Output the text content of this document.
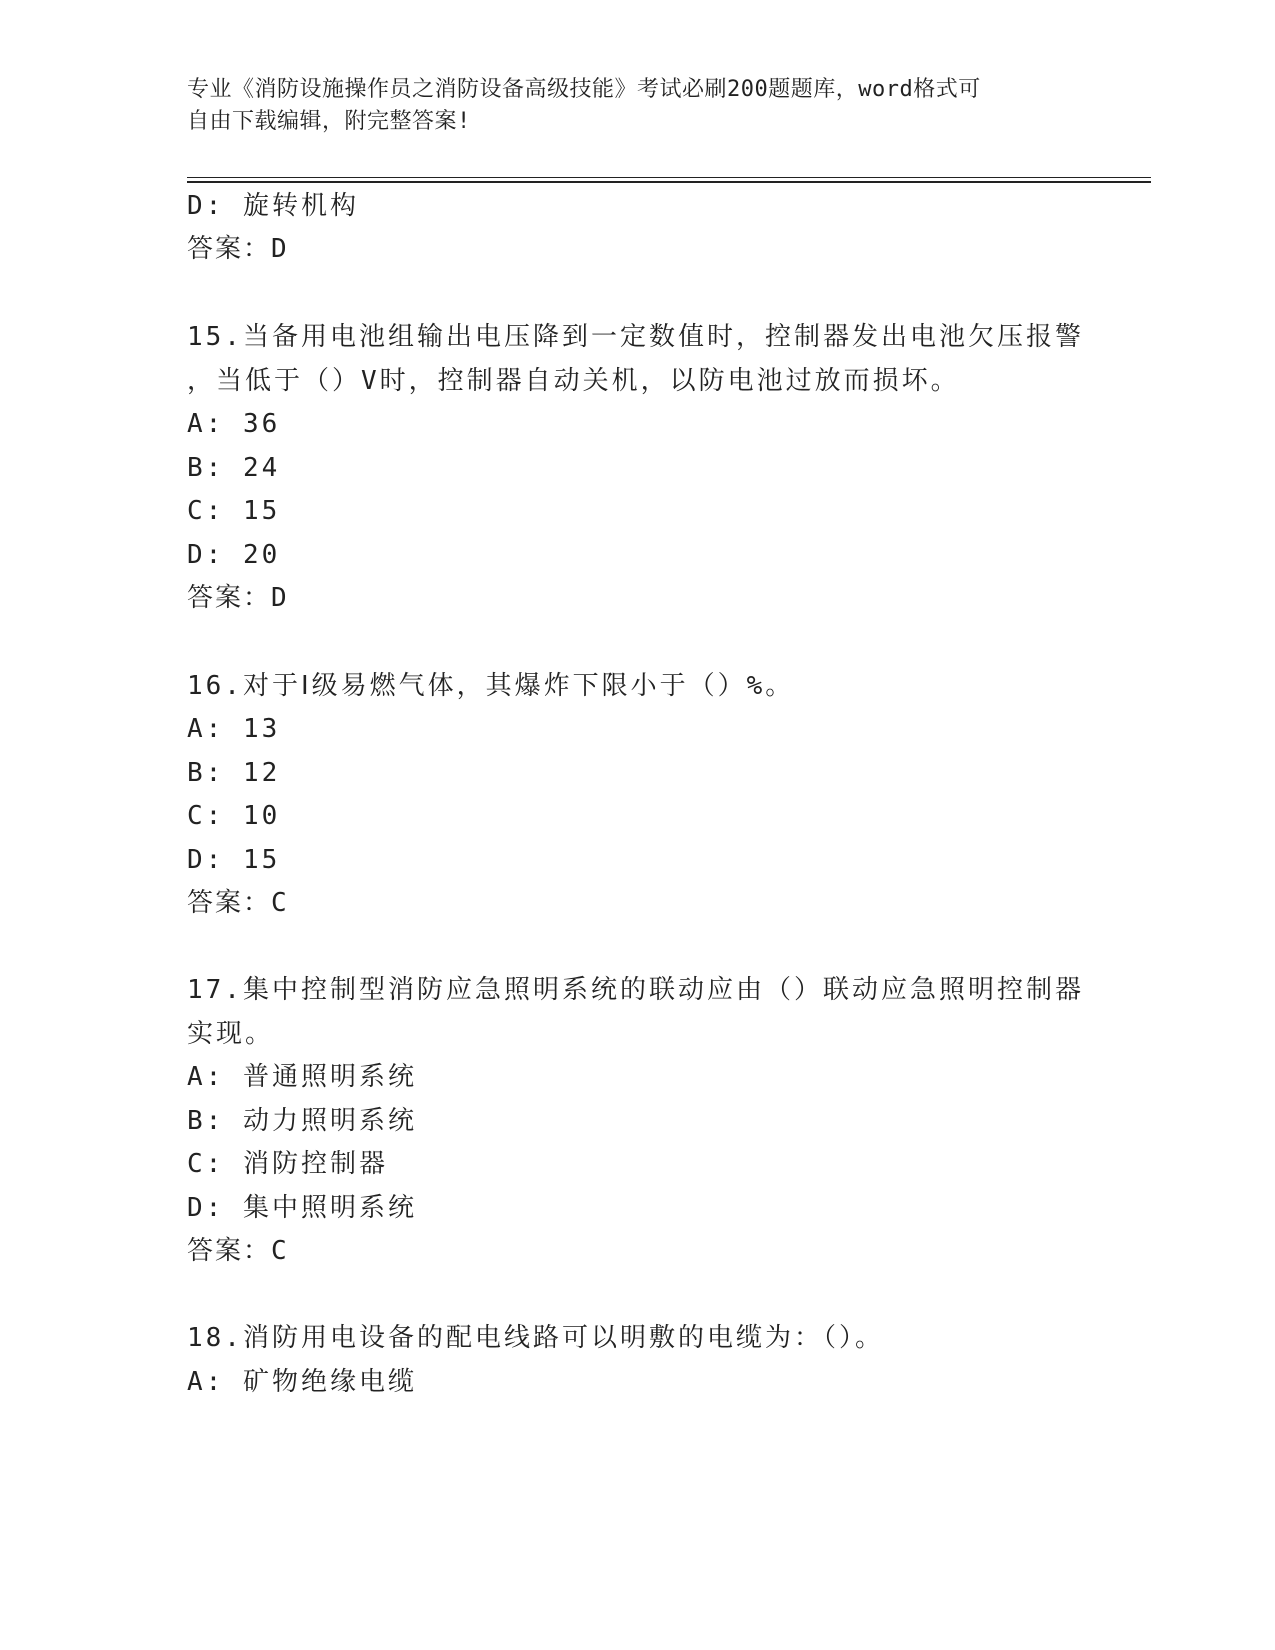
专业《消防设施操作员之消防设备高级技能》考试必刷200题题库，word格式可
自由下载编辑，附完整答案!
D: 旋转机构
答案：D
15.当备用电池组输出电压降到一定数值时，控制器发出电池欠压报警
，当低于（）V时，控制器自动关机，以防电池过放而损坏。
A: 36
B: 24
C: 15
D: 20
答案：D
16.对于Ⅰ级易燃气体，其爆炸下限小于（）%。
A: 13
B: 12
C: 10
D: 15
答案：C
17.集中控制型消防应急照明系统的联动应由（）联动应急照明控制器
实现。
A: 普通照明系统
B: 动力照明系统
C: 消防控制器
D: 集中照明系统
答案：C
18.消防用电设备的配电线路可以明敷的电缆为：（）。
A: 矿物绝缘电缆
